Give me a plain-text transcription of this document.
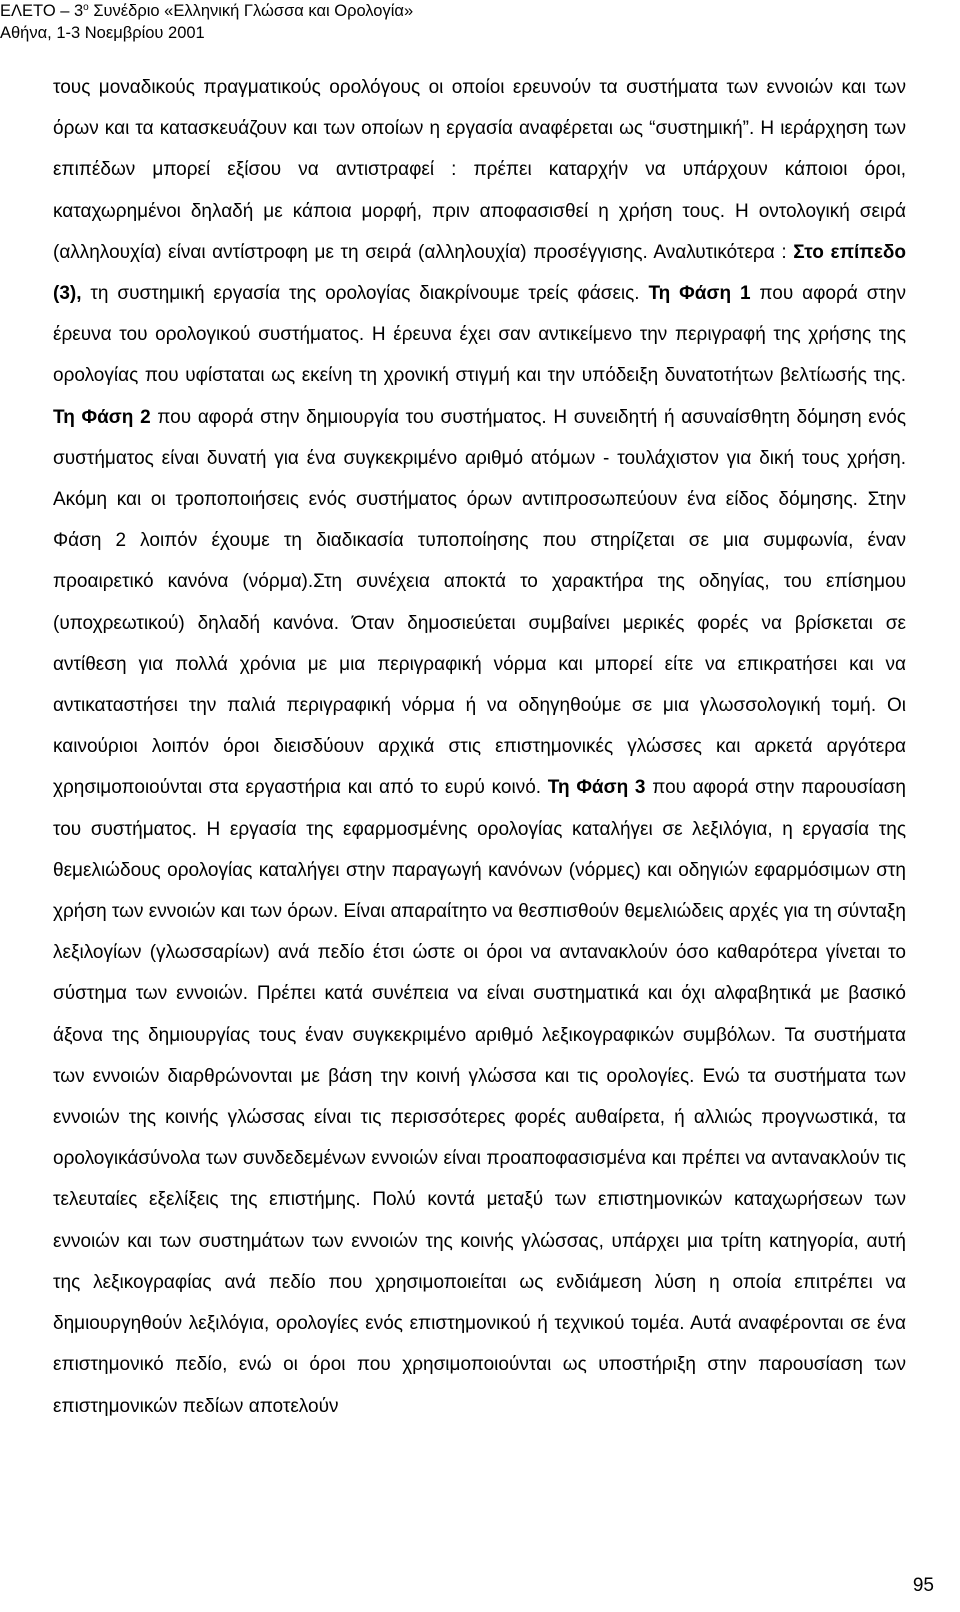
ΕΛΕΤΟ – $3^o$ Συνέδριο «Ελληνική Γλώσσα και Ορολογία»
Αθήνα, 1-3 Νοεμβρίου 2001

τους μοναδικούς πραγματικούς ορολόγους οι οποίοι ερευνούν τα συστήματα των εννοιών και των όρων και τα κατασκευάζουν και των οποίων η εργασία αναφέρεται ως “συστημική”. Η ιεράρχηση των επιπέδων μπορεί εξίσου να αντιστραφεί : πρέπει καταρχήν να υπάρχουν κάποιοι όροι, καταχωρημένοι δηλαδή με κάποια μορφή, πριν αποφασισθεί η χρήση τους. Η οντολογική σειρά (αλληλουχία) είναι αντίστροφη με τη σειρά (αλληλουχία) προσέγγισης. Αναλυτικότερα : Στο επίπεδο (3), τη συστημική εργασία της ορολογίας διακρίνουμε τρείς φάσεις. Τη Φάση 1 που αφορά στην έρευνα του ορολογικού συστήματος. Η έρευνα έχει σαν αντικείμενο την περιγραφή της χρήσης της ορολογίας που υφίσταται ως εκείνη τη χρονική στιγμή και την υπόδειξη δυνατοτήτων βελτίωσής της. Τη Φάση 2 που αφορά στην δημιουργία του συστήματος. Η συνειδητή ή ασυναίσθητη δόμηση ενός συστήματος είναι δυνατή για ένα συγκεκριμένο αριθμό ατόμων - τουλάχιστον για δική τους χρήση. Ακόμη και οι τροποποιήσεις ενός συστήματος όρων αντιπροσωπεύουν ένα είδος δόμησης. Στην Φάση 2 λοιπόν έχουμε τη διαδικασία τυποποίησης που στηρίζεται σε μια συμφωνία, έναν προαιρετικό κανόνα (νόρμα).Στη συνέχεια αποκτά το χαρακτήρα της οδηγίας, του επίσημου (υποχρεωτικού) δηλαδή κανόνα. Όταν δημοσιεύεται συμβαίνει μερικές φορές να βρίσκεται σε αντίθεση για πολλά χρόνια με μια περιγραφική νόρμα και μπορεί είτε να επικρατήσει και να αντικαταστήσει την παλιά περιγραφική νόρμα ή να οδηγηθούμε σε μια γλωσσολογική τομή. Οι καινούριοι λοιπόν όροι διεισδύουν αρχικά στις επιστημονικές γλώσσες και αρκετά αργότερα χρησιμοποιούνται στα εργαστήρια και από το ευρύ κοινό. Τη Φάση 3 που αφορά στην παρουσίαση του συστήματος. Η εργασία της εφαρμοσμένης ορολογίας καταλήγει σε λεξιλόγια, η εργασία της θεμελιώδους ορολογίας καταλήγει στην παραγωγή κανόνων (νόρμες) και οδηγιών εφαρμόσιμων στη χρήση των εννοιών και των όρων. Είναι απαραίτητο να θεσπισθούν θεμελιώδεις αρχές για τη σύνταξη λεξιλογίων (γλωσσαρίων) ανά πεδίο έτσι ώστε οι όροι να αντανακλούν όσο καθαρότερα γίνεται το σύστημα των εννοιών. Πρέπει κατά συνέπεια να είναι συστηματικά και όχι αλφαβητικά με βασικό άξονα της δημιουργίας τους έναν συγκεκριμένο αριθμό λεξικογραφικών συμβόλων. Τα συστήματα των εννοιών διαρθρώνονται με βάση την κοινή γλώσσα και τις ορολογίες. Ενώ τα συστήματα των εννοιών της κοινής γλώσσας είναι τις περισσότερες φορές αυθαίρετα, ή αλλιώς προγνωστικά, τα ορολογικάσύνολα των συνδεδεμένων εννοιών είναι προαποφασισμένα και πρέπει να αντανακλούν τις τελευταίες εξελίξεις της επιστήμης. Πολύ κοντά μεταξύ των επιστημονικών καταχωρήσεων των εννοιών και των συστημάτων των εννοιών της κοινής γλώσσας, υπάρχει μια τρίτη κατηγορία, αυτή της λεξικογραφίας ανά πεδίο που χρησιμοποιείται ως ενδιάμεση λύση η οποία επιτρέπει να δημιουργηθούν λεξιλόγια, ορολογίες ενός επιστημονικού ή τεχνικού τομέα. Αυτά αναφέρονται σε ένα επιστημονικό πεδίο, ενώ οι όροι που χρησιμοποιούνται ως υποστήριξη στην παρουσίαση των επιστημονικών πεδίων αποτελούν

95
